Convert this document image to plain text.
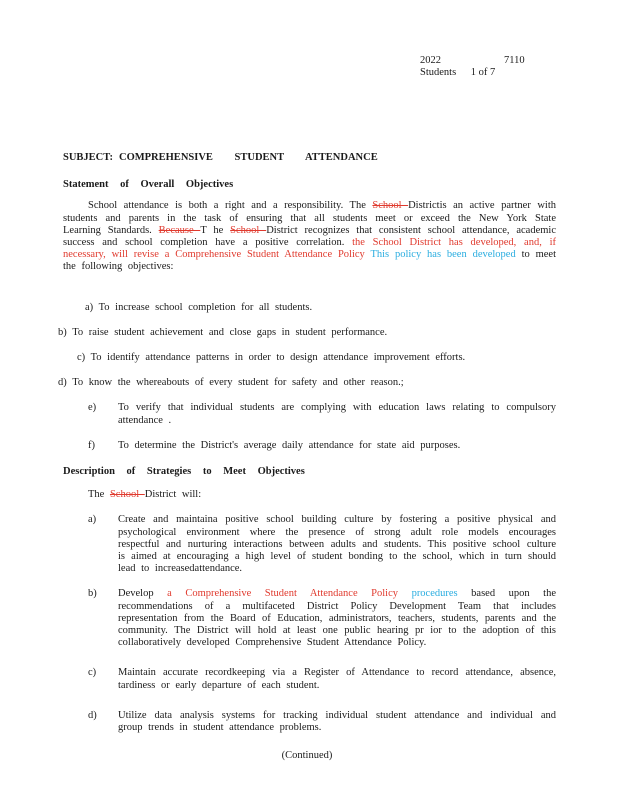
2022	7110
Students 1 of 7
SUBJECT: COMPREHENSIVE STUDENT ATTENDANCE
Statement of Overall Objectives
School attendance is both a right and a responsibility. The School Districtis an active partner with students and parents in the task of ensuring that all students meet or exceed the New York State Learning Standards. Because T he School District recognizes that consistent school attendance, academic success and school completion have a positive correlation. the School District has developed, and, if necessary, will revise a Comprehensive Student Attendance Policy This policy has been developed to meet the following objectives:
a) To increase school completion for all students.
b) To raise student achievement and close gaps in student performance.
c) To identify attendance patterns in order to design attendance improvement efforts.
d) To know the whereabouts of every student for safety and other reason.;
e)	To verify that individual students are complying with education laws relating to compulsory attendance .
f)	To determine the District's average daily attendance for state aid purposes.
Description of Strategies to Meet Objectives
The School District will:
a)	Create and maintaina positive school building culture by fostering a positive physical and psychological environment where the presence of strong adult role models encourages respectful and nurturing interactions between adults and students. This positive school culture is aimed at encouraging a high level of student bonding to the school, which in turn should lead to increasedattendance.
b)	Develop a Comprehensive Student Attendance Policy procedures based upon the recommendations of a multifaceted District Policy Development Team that includes representation from the Board of Education, administrators, teachers, students, parents and the community. The District will hold at least one public hearing pr ior to the adoption of this collaboratively developed Comprehensive Student Attendance Policy.
c)	Maintain accurate recordkeeping via a Register of Attendance to record attendance, absence, tardiness or early departure of each student.
d)	Utilize data analysis systems for tracking individual student attendance and individual and group trends in student attendance problems.
(Continued)
